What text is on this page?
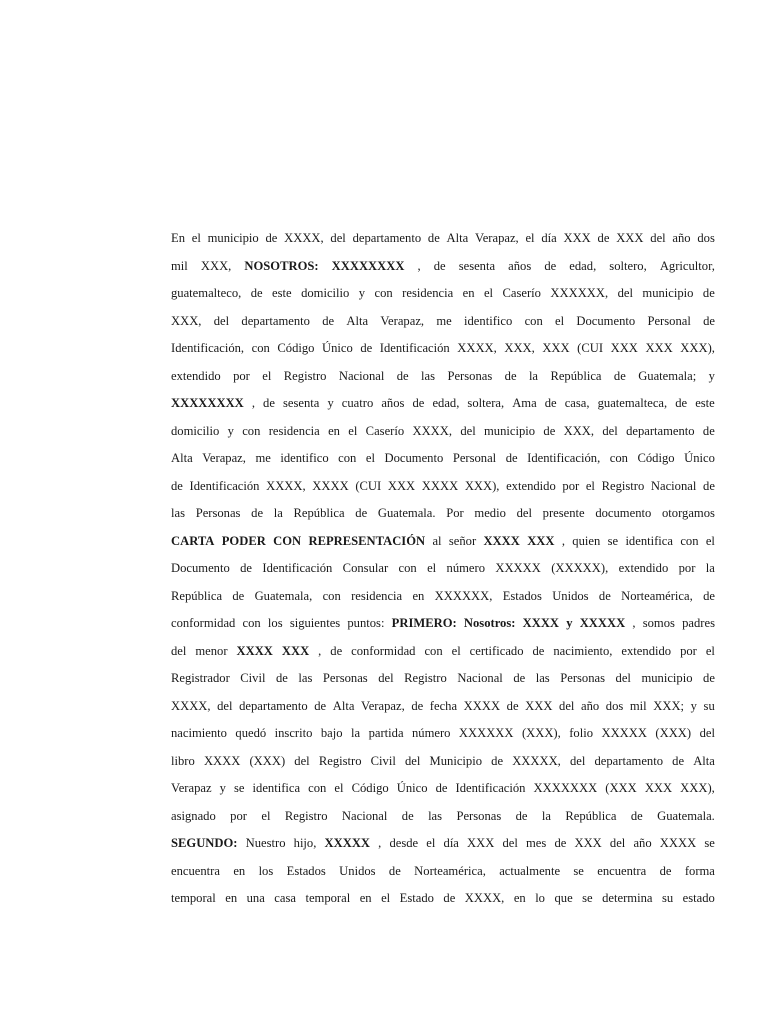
En el municipio de XXXX, del departamento de Alta Verapaz, el día XXX de XXX del año dos
mil XXX, NOSOTROS: XXXXXXXX , de sesenta años de edad, soltero, Agricultor,
guatemalteco, de este domicilio y con residencia en el Caserío XXXXXX, del municipio de
XXX, del departamento de Alta Verapaz, me identifico con el Documento Personal de
Identificación, con Código Único de Identificación XXXX, XXX, XXX (CUI XXX XXX XXX),
extendido por el Registro Nacional de las Personas de la República de Guatemala; y
XXXXXXXX , de sesenta y cuatro años de edad, soltera, Ama de casa, guatemalteca, de este
domicilio y con residencia en el Caserío XXXX, del municipio de XXX, del departamento de
Alta Verapaz, me identifico con el Documento Personal de Identificación, con Código Único
de Identificación XXXX, XXXX (CUI XXX XXXX XXX), extendido por el Registro Nacional de
las Personas de la República de Guatemala. Por medio del presente documento otorgamos
CARTA PODER CON REPRESENTACIÓN al señor XXXX XXX , quien se identifica con el
Documento de Identificación Consular con el número XXXXX (XXXXX), extendido por la
República de Guatemala, con residencia en XXXXXX, Estados Unidos de Norteamérica, de
conformidad con los siguientes puntos: PRIMERO: Nosotros: XXXX y XXXXX , somos padres
del menor XXXX XXX , de conformidad con el certificado de nacimiento, extendido por el
Registrador Civil de las Personas del Registro Nacional de las Personas del municipio de
XXXX, del departamento de Alta Verapaz, de fecha XXXX de XXX del año dos mil XXX; y su
nacimiento quedó inscrito bajo la partida número XXXXXX (XXX), folio XXXXX (XXX) del
libro XXXX (XXX) del Registro Civil del Municipio de XXXXX, del departamento de Alta
Verapaz y se identifica con el Código Único de Identificación XXXXXXX (XXX XXX XXX),
asignado por el Registro Nacional de las Personas de la República de Guatemala.
SEGUNDO: Nuestro hijo, XXXXX , desde el día XXX del mes de XXX del año XXXX se
encuentra en los Estados Unidos de Norteamérica, actualmente se encuentra de forma
temporal en una casa temporal en el Estado de XXXX, en lo que se determina su estado
